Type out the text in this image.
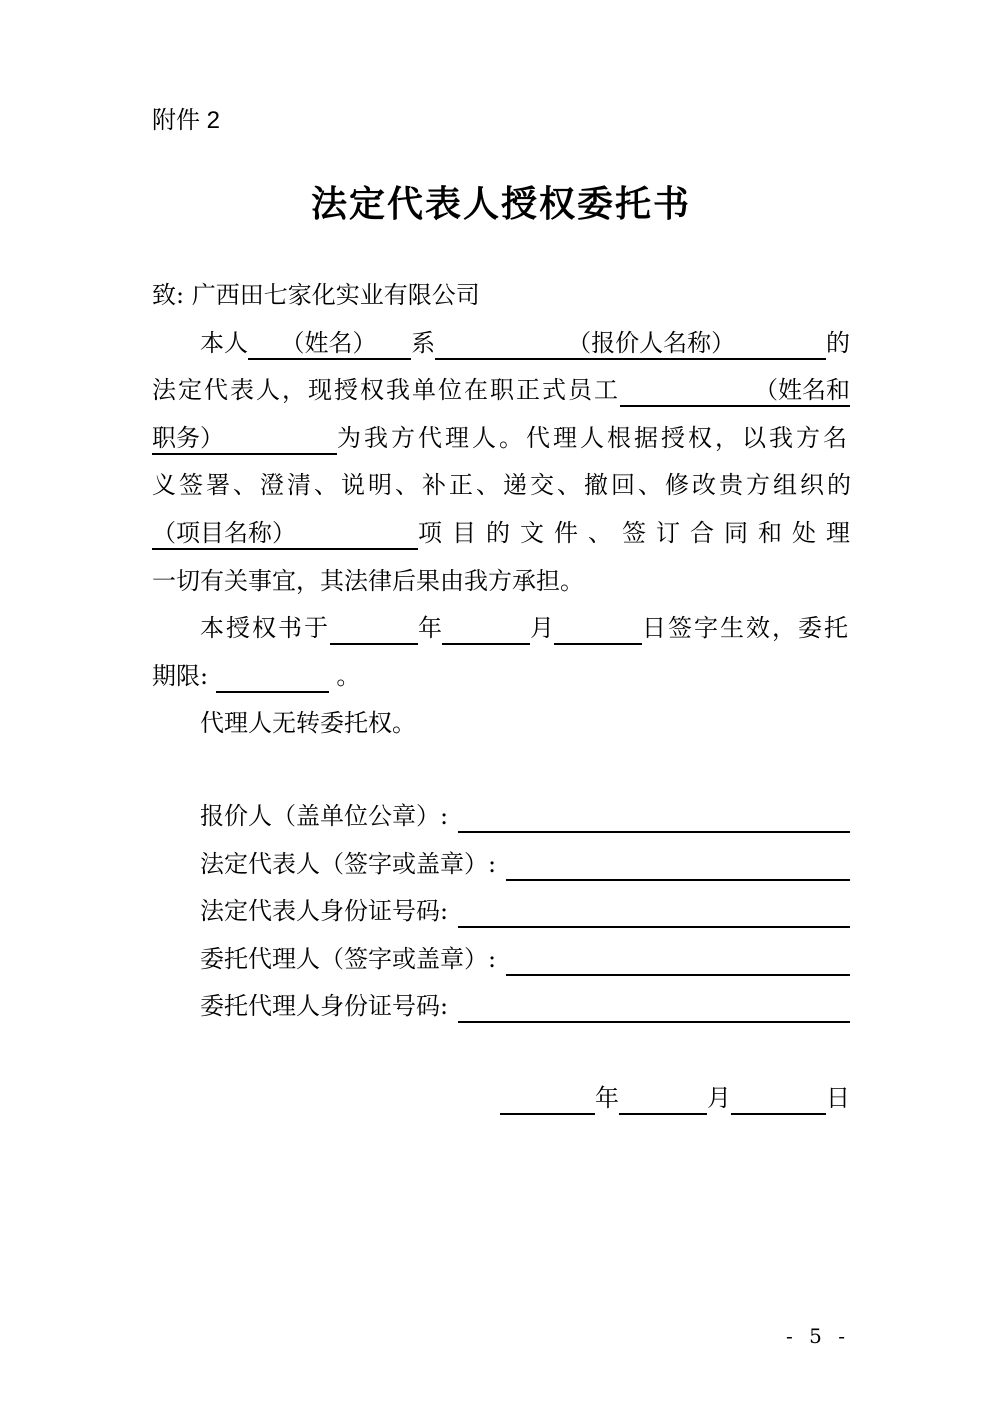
附件 2
法定代表人授权委托书
致: 广西田七家化实业有限公司
本人 （姓名） 系	（报价人名称）	的
法定代表人，现授权我单位在职正式员工	（姓名和
职务）	为我方代理人。代理人根据授权，以我方名
义签署、澄清、说明、补正、递交、撤回、修改贵方组织的
（项目名称）	项目的文件、签订合同和处理
一切有关事宜，其法律后果由我方承担。
本授权书于	年	月	日签字生效，委托
期限:	。
代理人无转委托权。
报价人（盖单位公章）:
法定代表人（签字或盖章）:
法定代表人身份证号码:
委托代理人（签字或盖章）:
委托代理人身份证号码:
年	月	日
- 5 -
